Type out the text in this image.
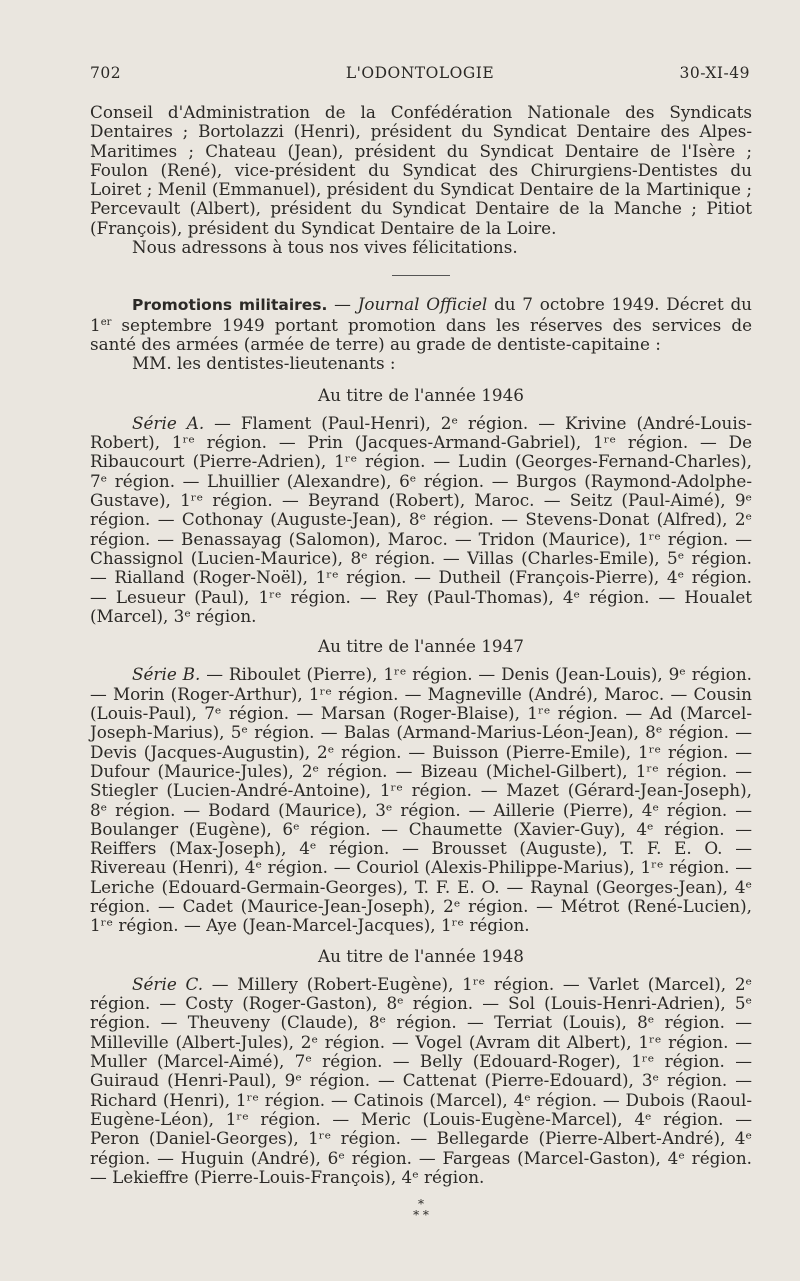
702	L'ODONTOLOGIE	30-XI-49

Conseil d'Administration de la Confédération Nationale des Syndicats Dentaires ; Bortolazzi (Henri), président du Syndicat Dentaire des Alpes-Maritimes ; Chateau (Jean), président du Syndicat Dentaire de l'Isère ; Foulon (René), vice-président du Syndicat des Chirurgiens-Dentistes du Loiret ; Menil (Emmanuel), président du Syndicat Dentaire de la Martinique ; Percevault (Albert), président du Syndicat Dentaire de la Manche ; Pitiot (François), président du Syndicat Dentaire de la Loire.

Nous adressons à tous nos vives félicitations.

Promotions militaires. — Journal Officiel du 7 octobre 1949. Décret du 1er septembre 1949 portant promotion dans les réserves des services de santé des armées (armée de terre) au grade de dentiste-capitaine :

MM. les dentistes-lieutenants :

Au titre de l'année 1946

Série A. — Flament (Paul-Henri), 2ᵉ région. — Krivine (André-Louis-Robert), 1ʳᵉ région. — Prin (Jacques-Armand-Gabriel), 1ʳᵉ région. — De Ribaucourt (Pierre-Adrien), 1ʳᵉ région. — Ludin (Georges-Fernand-Charles), 7ᵉ région. — Lhuillier (Alexandre), 6ᵉ région. — Burgos (Raymond-Adolphe-Gustave), 1ʳᵉ région. — Beyrand (Robert), Maroc. — Seitz (Paul-Aimé), 9ᵉ région. — Cothonay (Auguste-Jean), 8ᵉ région. — Stevens-Donat (Alfred), 2ᵉ région. — Benassayag (Salomon), Maroc. — Tridon (Maurice), 1ʳᵉ région. — Chassignol (Lucien-Maurice), 8ᵉ région. — Villas (Charles-Emile), 5ᵉ région. — Rialland (Roger-Noël), 1ʳᵉ région. — Dutheil (François-Pierre), 4ᵉ région. — Lesueur (Paul), 1ʳᵉ région. — Rey (Paul-Thomas), 4ᵉ région. — Houalet (Marcel), 3ᵉ région.

Au titre de l'année 1947

Série B. — Riboulet (Pierre), 1ʳᵉ région. — Denis (Jean-Louis), 9ᵉ région. — Morin (Roger-Arthur), 1ʳᵉ région. — Magneville (André), Maroc. — Cousin (Louis-Paul), 7ᵉ région. — Marsan (Roger-Blaise), 1ʳᵉ région. — Ad (Marcel-Joseph-Marius), 5ᵉ région. — Balas (Armand-Marius-Léon-Jean), 8ᵉ région. — Devis (Jacques-Augustin), 2ᵉ région. — Buisson (Pierre-Emile), 1ʳᵉ région. — Dufour (Maurice-Jules), 2ᵉ région. — Bizeau (Michel-Gilbert), 1ʳᵉ région. — Stiegler (Lucien-André-Antoine), 1ʳᵉ région. — Mazet (Gérard-Jean-Joseph), 8ᵉ région. — Bodard (Maurice), 3ᵉ région. — Aillerie (Pierre), 4ᵉ région. — Boulanger (Eugène), 6ᵉ région. — Chaumette (Xavier-Guy), 4ᵉ région. — Reiffers (Max-Joseph), 4ᵉ région. — Brousset (Auguste), T. F. E. O. — Rivereau (Henri), 4ᵉ région. — Couriol (Alexis-Philippe-Marius), 1ʳᵉ région. — Leriche (Edouard-Germain-Georges), T. F. E. O. — Raynal (Georges-Jean), 4ᵉ région. — Cadet (Maurice-Jean-Joseph), 2ᵉ région. — Métrot (René-Lucien), 1ʳᵉ région. — Aye (Jean-Marcel-Jacques), 1ʳᵉ région.

Au titre de l'année 1948

Série C. — Millery (Robert-Eugène), 1ʳᵉ région. — Varlet (Marcel), 2ᵉ région. — Costy (Roger-Gaston), 8ᵉ région. — Sol (Louis-Henri-Adrien), 5ᵉ région. — Theuveny (Claude), 8ᵉ région. — Terriat (Louis), 8ᵉ région. — Milleville (Albert-Jules), 2ᵉ région. — Vogel (Avram dit Albert), 1ʳᵉ région. — Muller (Marcel-Aimé), 7ᵉ région. — Belly (Edouard-Roger), 1ʳᵉ région. — Guiraud (Henri-Paul), 9ᵉ région. — Cattenat (Pierre-Edouard), 3ᵉ région. — Richard (Henri), 1ʳᵉ région. — Catinois (Marcel), 4ᵉ région. — Dubois (Raoul-Eugène-Léon), 1ʳᵉ région. — Meric (Louis-Eugène-Marcel), 4ᵉ région. — Peron (Daniel-Georges), 1ʳᵉ région. — Bellegarde (Pierre-Albert-André), 4ᵉ région. — Huguin (André), 6ᵉ région. — Fargeas (Marcel-Gaston), 4ᵉ région. — Lekieffre (Pierre-Louis-François), 4ᵉ région.

*
* *
